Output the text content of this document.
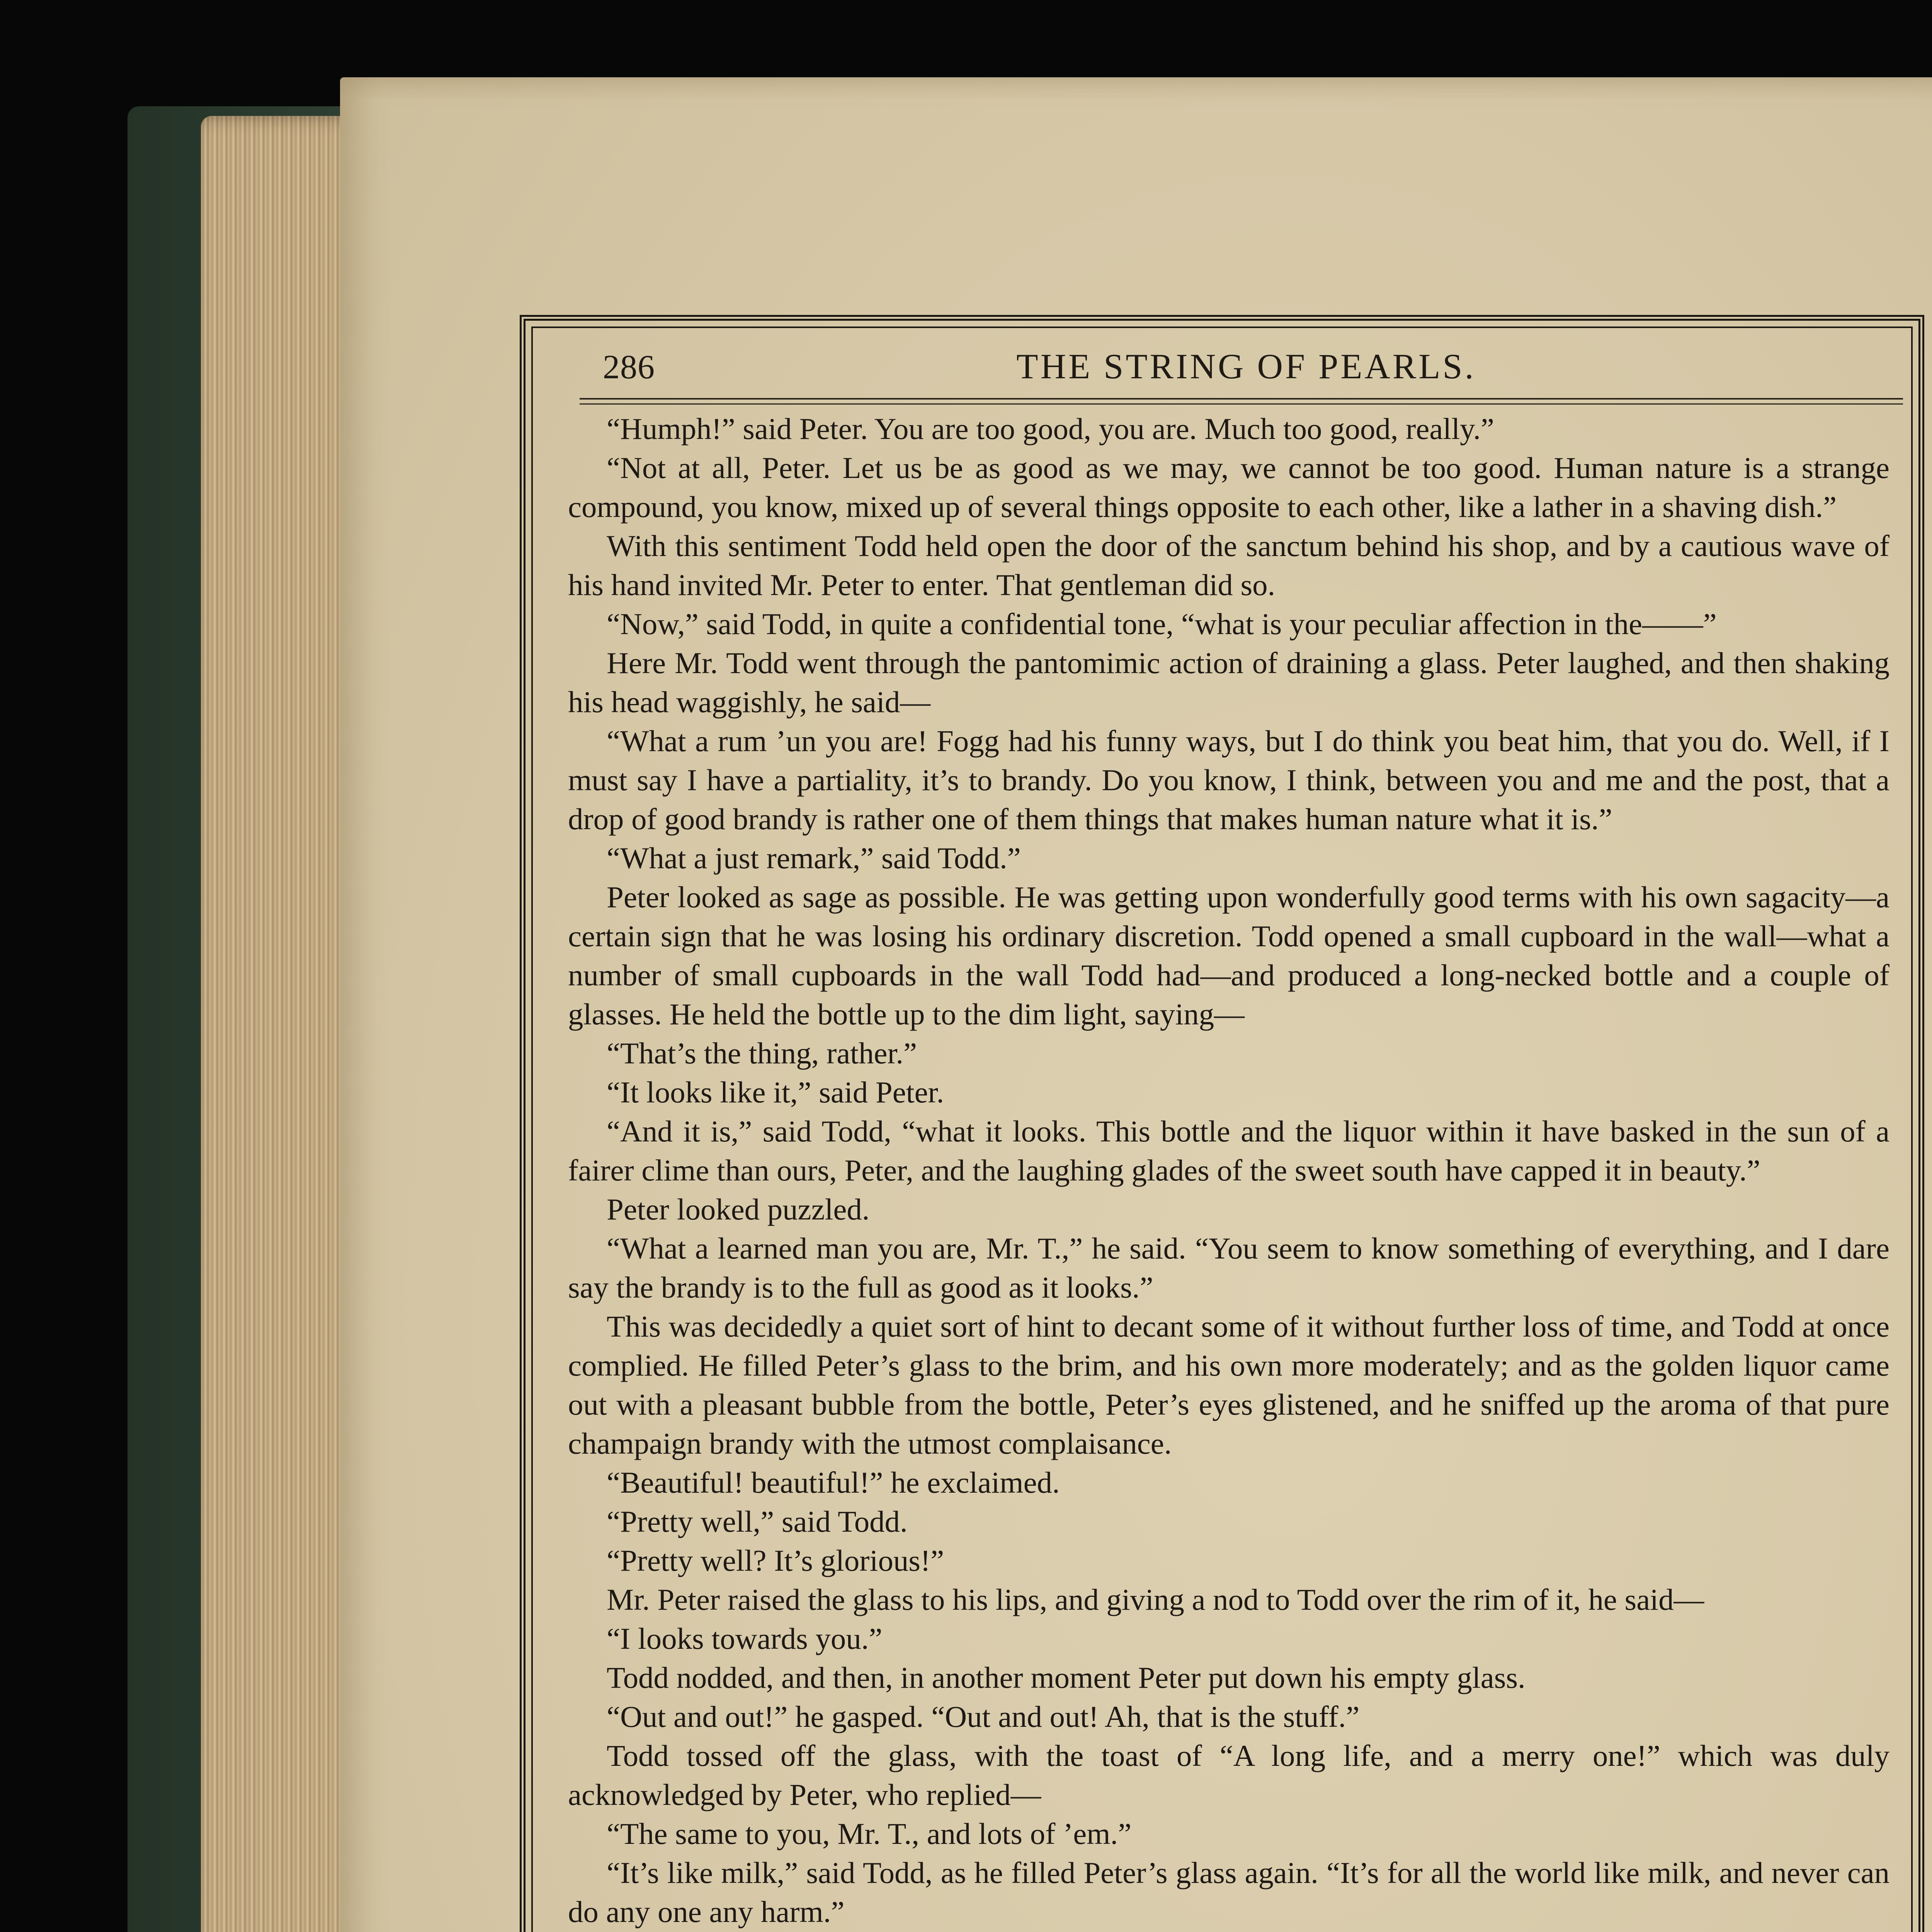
286	THE STRING OF PEARLS.

“Humph!” said Peter. You are too good, you are. Much too good, really.”

“Not at all, Peter. Let us be as good as we may, we cannot be too good. Human nature is a strange compound, you know, mixed up of several things opposite to each other, like a lather in a shaving dish.”

With this sentiment Todd held open the door of the sanctum behind his shop, and by a cautious wave of his hand invited Mr. Peter to enter. That gentleman did so.

“Now,” said Todd, in quite a confidential tone, “what is your peculiar affection in the——”

Here Mr. Todd went through the pantomimic action of draining a glass. Peter laughed, and then shaking his head waggishly, he said—

“What a rum ’un you are! Fogg had his funny ways, but I do think you beat him, that you do. Well, if I must say I have a partiality, it’s to brandy. Do you know, I think, between you and me and the post, that a drop of good brandy is rather one of them things that makes human nature what it is.”

“What a just remark,” said Todd.”

Peter looked as sage as possible. He was getting upon wonderfully good terms with his own sagacity—a certain sign that he was losing his ordinary discretion. Todd opened a small cupboard in the wall—what a number of small cupboards in the wall Todd had—and produced a long-necked bottle and a couple of glasses. He held the bottle up to the dim light, saying—

“That’s the thing, rather.”

“It looks like it,” said Peter.

“And it is,” said Todd, “what it looks. This bottle and the liquor within it have basked in the sun of a fairer clime than ours, Peter, and the laughing glades of the sweet south have capped it in beauty.”

Peter looked puzzled.

“What a learned man you are, Mr. T.,” he said. “You seem to know something of everything, and I dare say the brandy is to the full as good as it looks.”

This was decidedly a quiet sort of hint to decant some of it without further loss of time, and Todd at once complied. He filled Peter’s glass to the brim, and his own more moderately; and as the golden liquor came out with a pleasant bubble from the bottle, Peter’s eyes glistened, and he sniffed up the aroma of that pure champaign brandy with the utmost complaisance.

“Beautiful! beautiful!” he exclaimed.

“Pretty well,” said Todd.

“Pretty well? It’s glorious!”

Mr. Peter raised the glass to his lips, and giving a nod to Todd over the rim of it, he said—

“I looks towards you.”

Todd nodded, and then, in another moment Peter put down his empty glass.

“Out and out!” he gasped. “Out and out! Ah, that is the stuff.”

Todd tossed off the glass, with the toast of “A long life, and a merry one!” which was duly acknowledged by Peter, who replied—

“The same to you, Mr. T., and lots of ’em.”

“It’s like milk,” said Todd, as he filled Peter’s glass again. “It’s for all the world like milk, and never can do any one any harm.”
